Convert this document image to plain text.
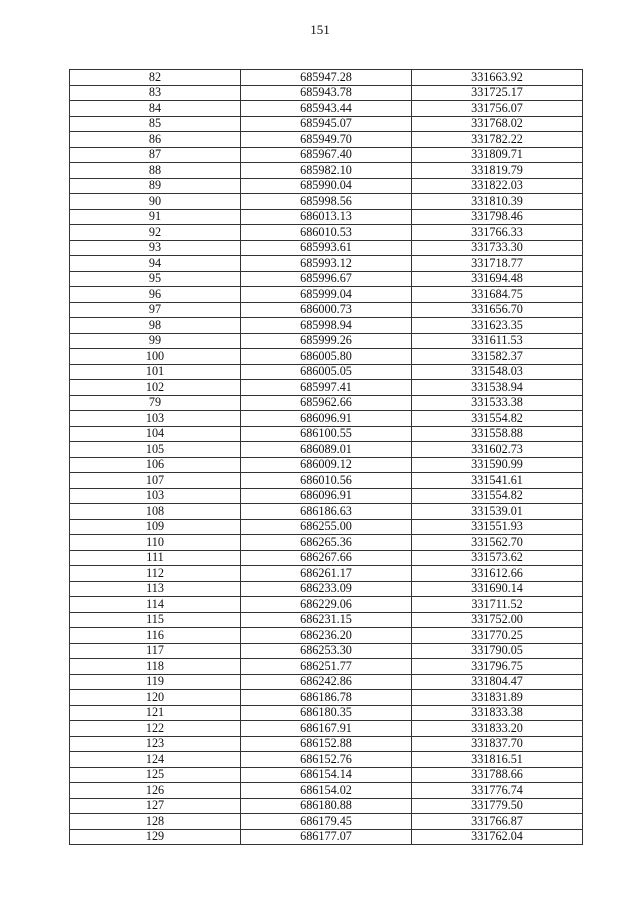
151
82	685947.28	331663.92
83	685943.78	331725.17
84	685943.44	331756.07
85	685945.07	331768.02
86	685949.70	331782.22
87	685967.40	331809.71
88	685982.10	331819.79
89	685990.04	331822.03
90	685998.56	331810.39
91	686013.13	331798.46
92	686010.53	331766.33
93	685993.61	331733.30
94	685993.12	331718.77
95	685996.67	331694.48
96	685999.04	331684.75
97	686000.73	331656.70
98	685998.94	331623.35
99	685999.26	331611.53
100	686005.80	331582.37
101	686005.05	331548.03
102	685997.41	331538.94
79	685962.66	331533.38
103	686096.91	331554.82
104	686100.55	331558.88
105	686089.01	331602.73
106	686009.12	331590.99
107	686010.56	331541.61
103	686096.91	331554.82
108	686186.63	331539.01
109	686255.00	331551.93
110	686265.36	331562.70
111	686267.66	331573.62
112	686261.17	331612.66
113	686233.09	331690.14
114	686229.06	331711.52
115	686231.15	331752.00
116	686236.20	331770.25
117	686253.30	331790.05
118	686251.77	331796.75
119	686242.86	331804.47
120	686186.78	331831.89
121	686180.35	331833.38
122	686167.91	331833.20
123	686152.88	331837.70
124	686152.76	331816.51
125	686154.14	331788.66
126	686154.02	331776.74
127	686180.88	331779.50
128	686179.45	331766.87
129	686177.07	331762.04
